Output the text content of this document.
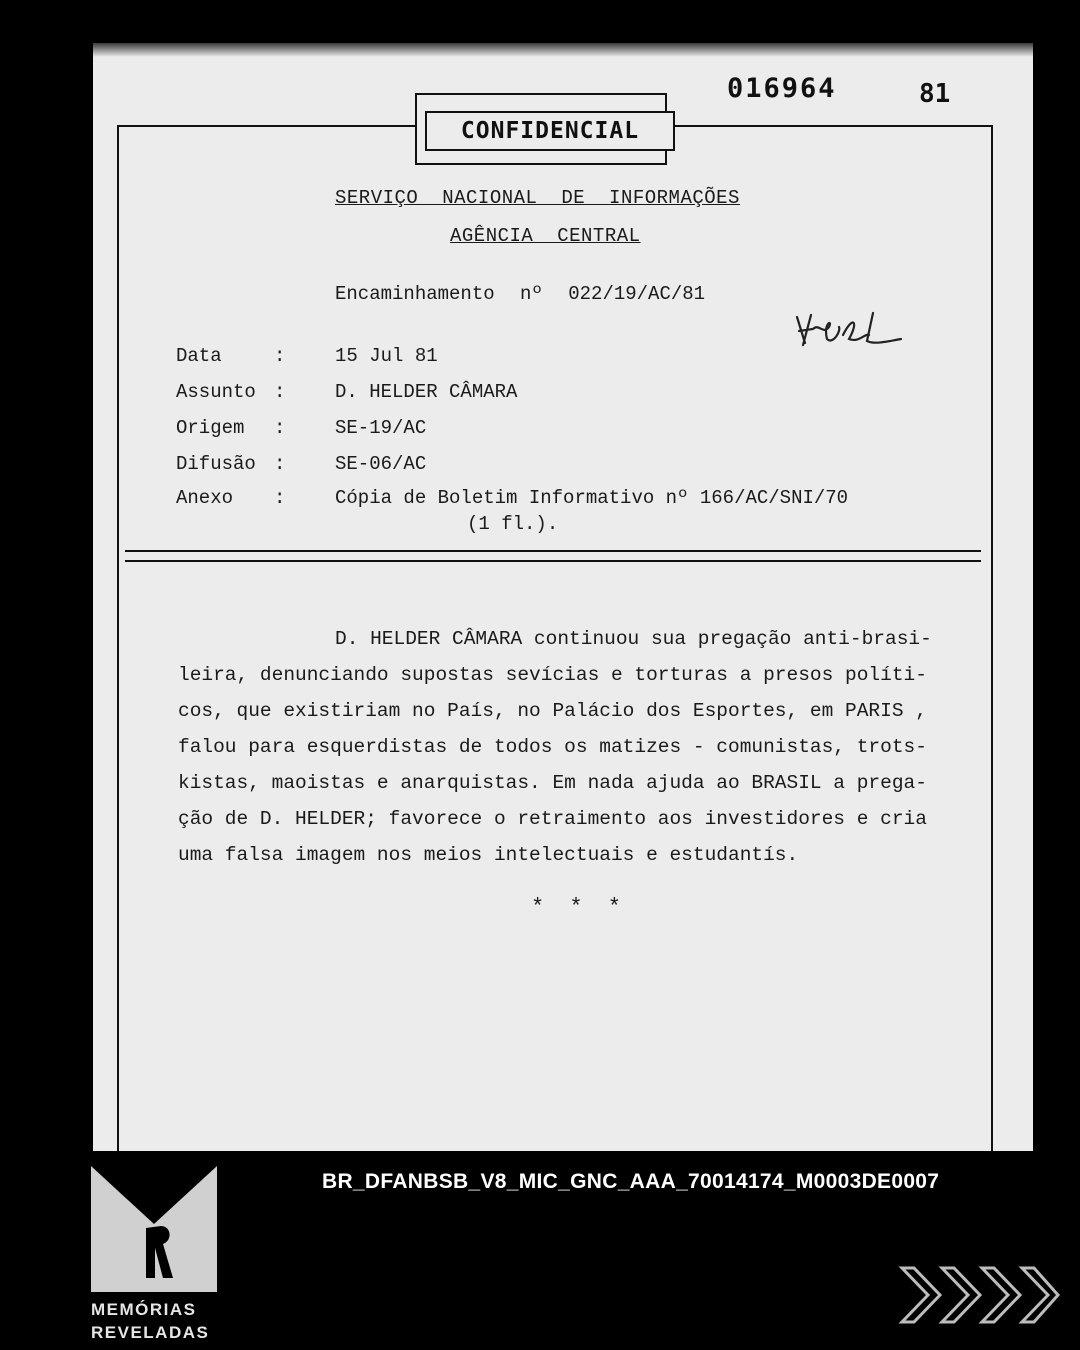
CONFIDENCIAL
016964	81
SERVIÇO NACIONAL DE INFORMAÇÕES
AGÊNCIA CENTRAL
Encaminhamento nº 022/19/AC/81
Data	:	15 Jul 81
Assunto :	D. HELDER CÂMARA
Origem	:	SE-19/AC
Difusão :	SE-06/AC
Anexo	:	Cópia de Boletim Informativo nº 166/AC/SNI/70
(1 fl.).
D. HELDER CÂMARA continuou sua pregação anti-brasi-
leira, denunciando supostas sevícias e torturas a presos políti-
cos, que existiriam no País, no Palácio dos Esportes, em PARIS ,
falou para esquerdistas de todos os matizes - comunistas, trots-
kistas, maoistas e anarquistas. Em nada ajuda ao BRASIL a prega-
ção de D. HELDER; favorece o retraimento aos investidores e cria
uma falsa imagem nos meios intelectuais e estudantís.
* * *
BR_DFANBSB_V8_MIC_GNC_AAA_70014174_M0003DE0007
MEMÓRIAS
REVELADAS
